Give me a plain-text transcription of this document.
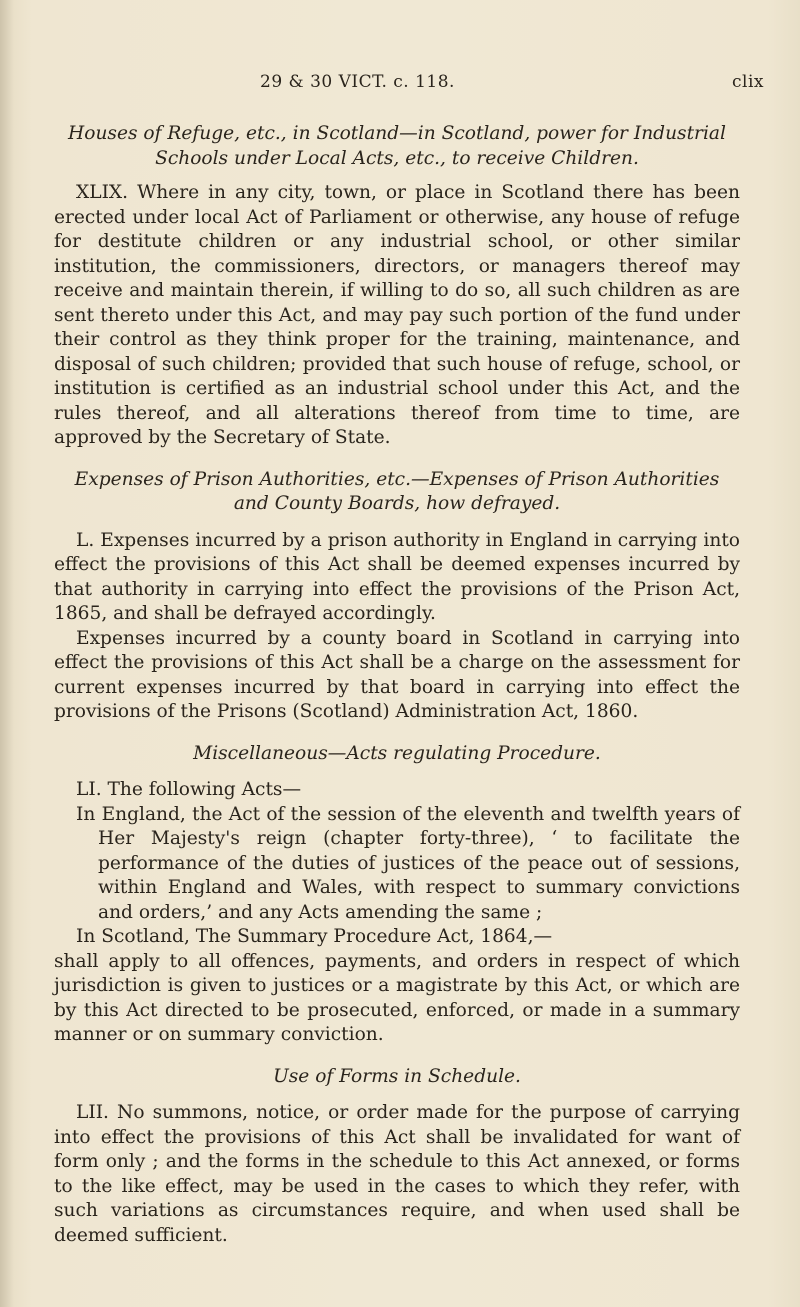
29 & 30 VICT. c. 118.	clix

Houses of Refuge, etc., in Scotland—in Scotland, power for Industrial Schools under Local Acts, etc., to receive Children.

XLIX. Where in any city, town, or place in Scotland there has been erected under local Act of Parliament or otherwise, any house of refuge for destitute children or any industrial school, or other similar institution, the commissioners, directors, or managers thereof may receive and maintain therein, if willing to do so, all such children as are sent thereto under this Act, and may pay such portion of the fund under their control as they think proper for the training, maintenance, and disposal of such children; provided that such house of refuge, school, or institution is certified as an industrial school under this Act, and the rules thereof, and all alterations thereof from time to time, are approved by the Secretary of State.

Expenses of Prison Authorities, etc.—Expenses of Prison Authorities and County Boards, how defrayed.

L. Expenses incurred by a prison authority in England in carrying into effect the provisions of this Act shall be deemed expenses incurred by that authority in carrying into effect the provisions of the Prison Act, 1865, and shall be defrayed accordingly.

Expenses incurred by a county board in Scotland in carrying into effect the provisions of this Act shall be a charge on the assessment for current expenses incurred by that board in carrying into effect the provisions of the Prisons (Scotland) Administration Act, 1860.

Miscellaneous—Acts regulating Procedure.

LI. The following Acts—

In England, the Act of the session of the eleventh and twelfth years of Her Majesty's reign (chapter forty-three), ‘ to facilitate the performance of the duties of justices of the peace out of sessions, within England and Wales, with respect to summary convictions and orders,’ and any Acts amending the same ;

In Scotland, The Summary Procedure Act, 1864,—

shall apply to all offences, payments, and orders in respect of which jurisdiction is given to justices or a magistrate by this Act, or which are by this Act directed to be prosecuted, enforced, or made in a summary manner or on summary conviction.

Use of Forms in Schedule.

LII. No summons, notice, or order made for the purpose of carrying into effect the provisions of this Act shall be invalidated for want of form only ; and the forms in the schedule to this Act annexed, or forms to the like effect, may be used in the cases to which they refer, with such variations as circumstances require, and when used shall be deemed sufficient.
